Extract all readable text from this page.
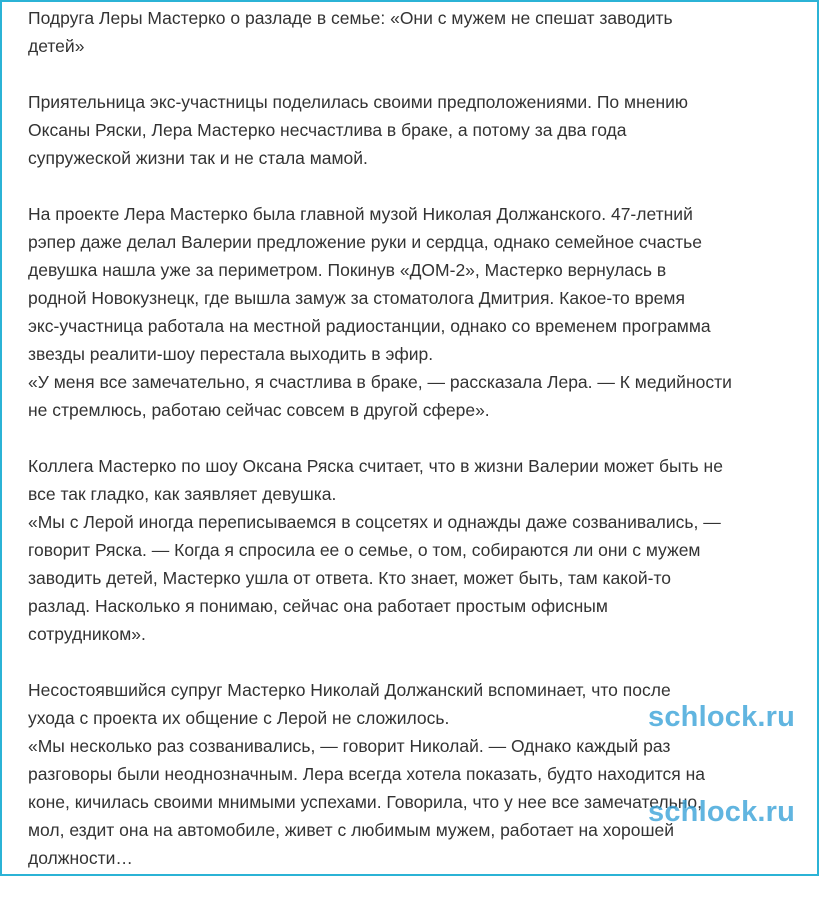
Подруга Леры Мастерко о разладе в семье: «Они с мужем не спешат заводить
детей»
Приятельница экс-участницы поделилась своими предположениями. По мнению
Оксаны Ряски, Лера Мастерко несчастлива в браке, а потому за два года
супружеской жизни так и не стала мамой.
На проекте Лера Мастерко была главной музой Николая Должанского. 47-летний
рэпер даже делал Валерии предложение руки и сердца, однако семейное счастье
девушка нашла уже за периметром. Покинув «ДОМ-2», Мастерко вернулась в
родной Новокузнецк, где вышла замуж за стоматолога Дмитрия. Какое-то время
экс-участница работала на местной радиостанции, однако со временем программа
звезды реалити-шоу перестала выходить в эфир.
«У меня все замечательно, я счастлива в браке, — рассказала Лера. — К медийности
не стремлюсь, работаю сейчас совсем в другой сфере».
Коллега Мастерко по шоу Оксана Ряска считает, что в жизни Валерии может быть не
все так гладко, как заявляет девушка.
«Мы с Лерой иногда переписываемся в соцсетях и однажды даже созванивались, —
говорит Ряска. — Когда я спросила ее о семье, о том, собираются ли они с мужем
заводить детей, Мастерко ушла от ответа. Кто знает, может быть, там какой-то
разлад. Насколько я понимаю, сейчас она работает простым офисным
сотрудником».
Несостоявшийся супруг Мастерко Николай Должанский вспоминает, что после
ухода с проекта их общение с Лерой не сложилось.
«Мы несколько раз созванивались, — говорит Николай. — Однако каждый раз
разговоры были неоднозначным. Лера всегда хотела показать, будто находится на
коне, кичилась своими мнимыми успехами. Говорила, что у нее все замечательно,
мол, ездит она на автомобиле, живет с любимым мужем, работает на хорошей
должности…
schlock.ru
schlock.ru
